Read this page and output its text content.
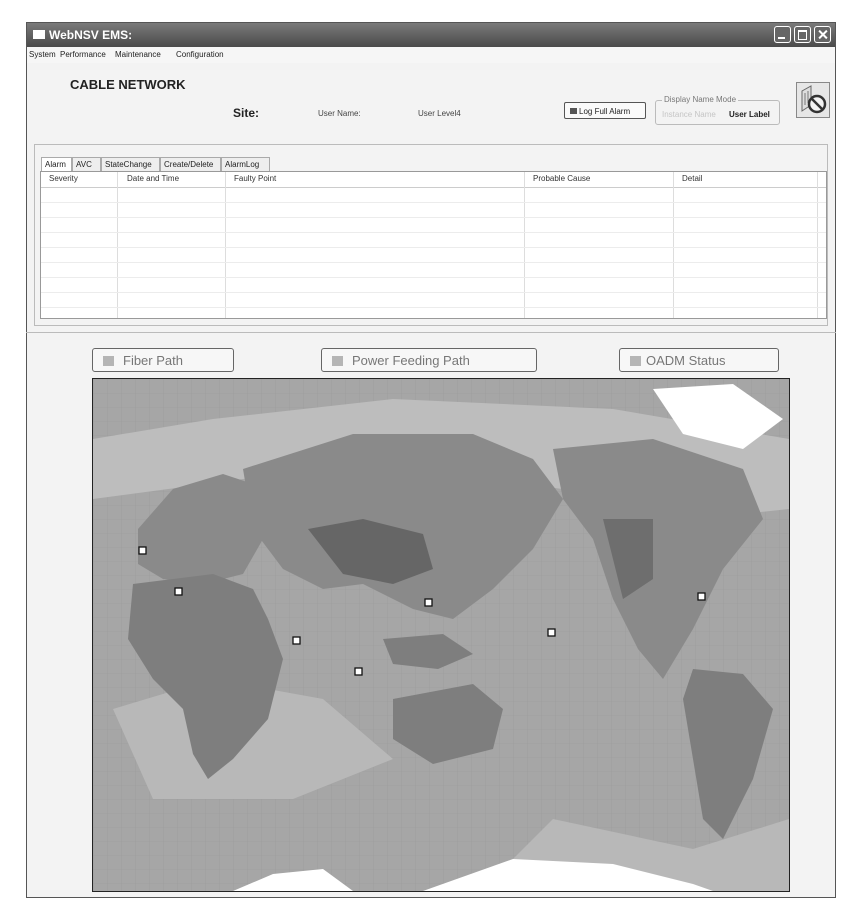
WebNSV EMS:
System Performance Maintenance Configuration
CABLE NETWORK
Site:	User Name:	User Level4	Log Full Alarm
Display Name Mode
Instance Name User Label
Alarm	AVC	StateChange	Create/Delete	AlarmLog
Severity	Date and Time	Faulty Point	Probable Cause	Detail
Fiber Path	Power Feeding Path	OADM Status
